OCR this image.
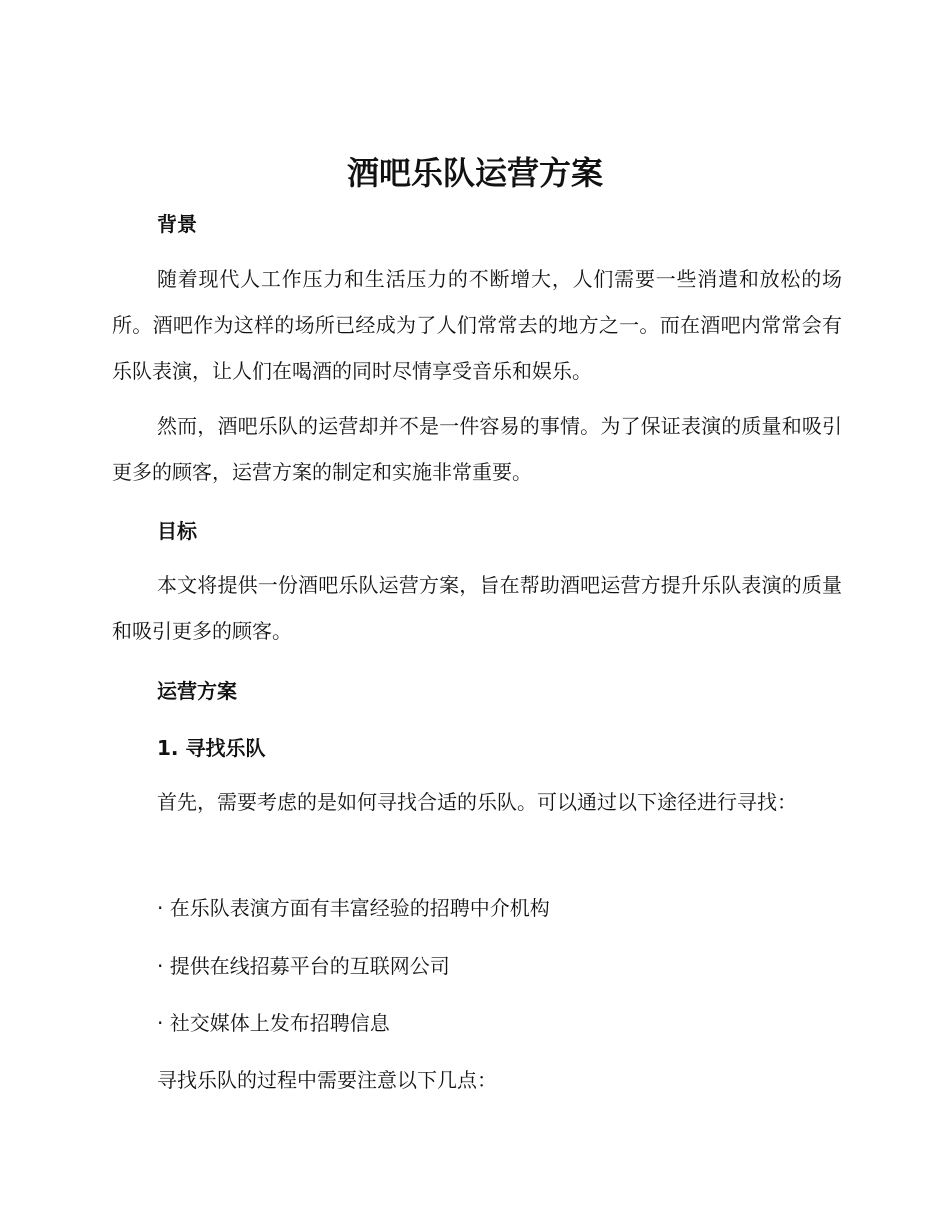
酒吧乐队运营方案
背景

随着现代人工作压力和生活压力的不断增大，人们需要一些消遣和放松的场所。酒吧作为这样的场所已经成为了人们常常去的地方之一。而在酒吧内常常会有乐队表演，让人们在喝酒的同时尽情享受音乐和娱乐。

然而，酒吧乐队的运营却并不是一件容易的事情。为了保证表演的质量和吸引更多的顾客，运营方案的制定和实施非常重要。

目标

本文将提供一份酒吧乐队运营方案，旨在帮助酒吧运营方提升乐队表演的质量和吸引更多的顾客。

运营方案
1. 寻找乐队

首先，需要考虑的是如何寻找合适的乐队。可以通过以下途径进行寻找：

· 在乐队表演方面有丰富经验的招聘中介机构

· 提供在线招募平台的互联网公司

· 社交媒体上发布招聘信息

寻找乐队的过程中需要注意以下几点：
